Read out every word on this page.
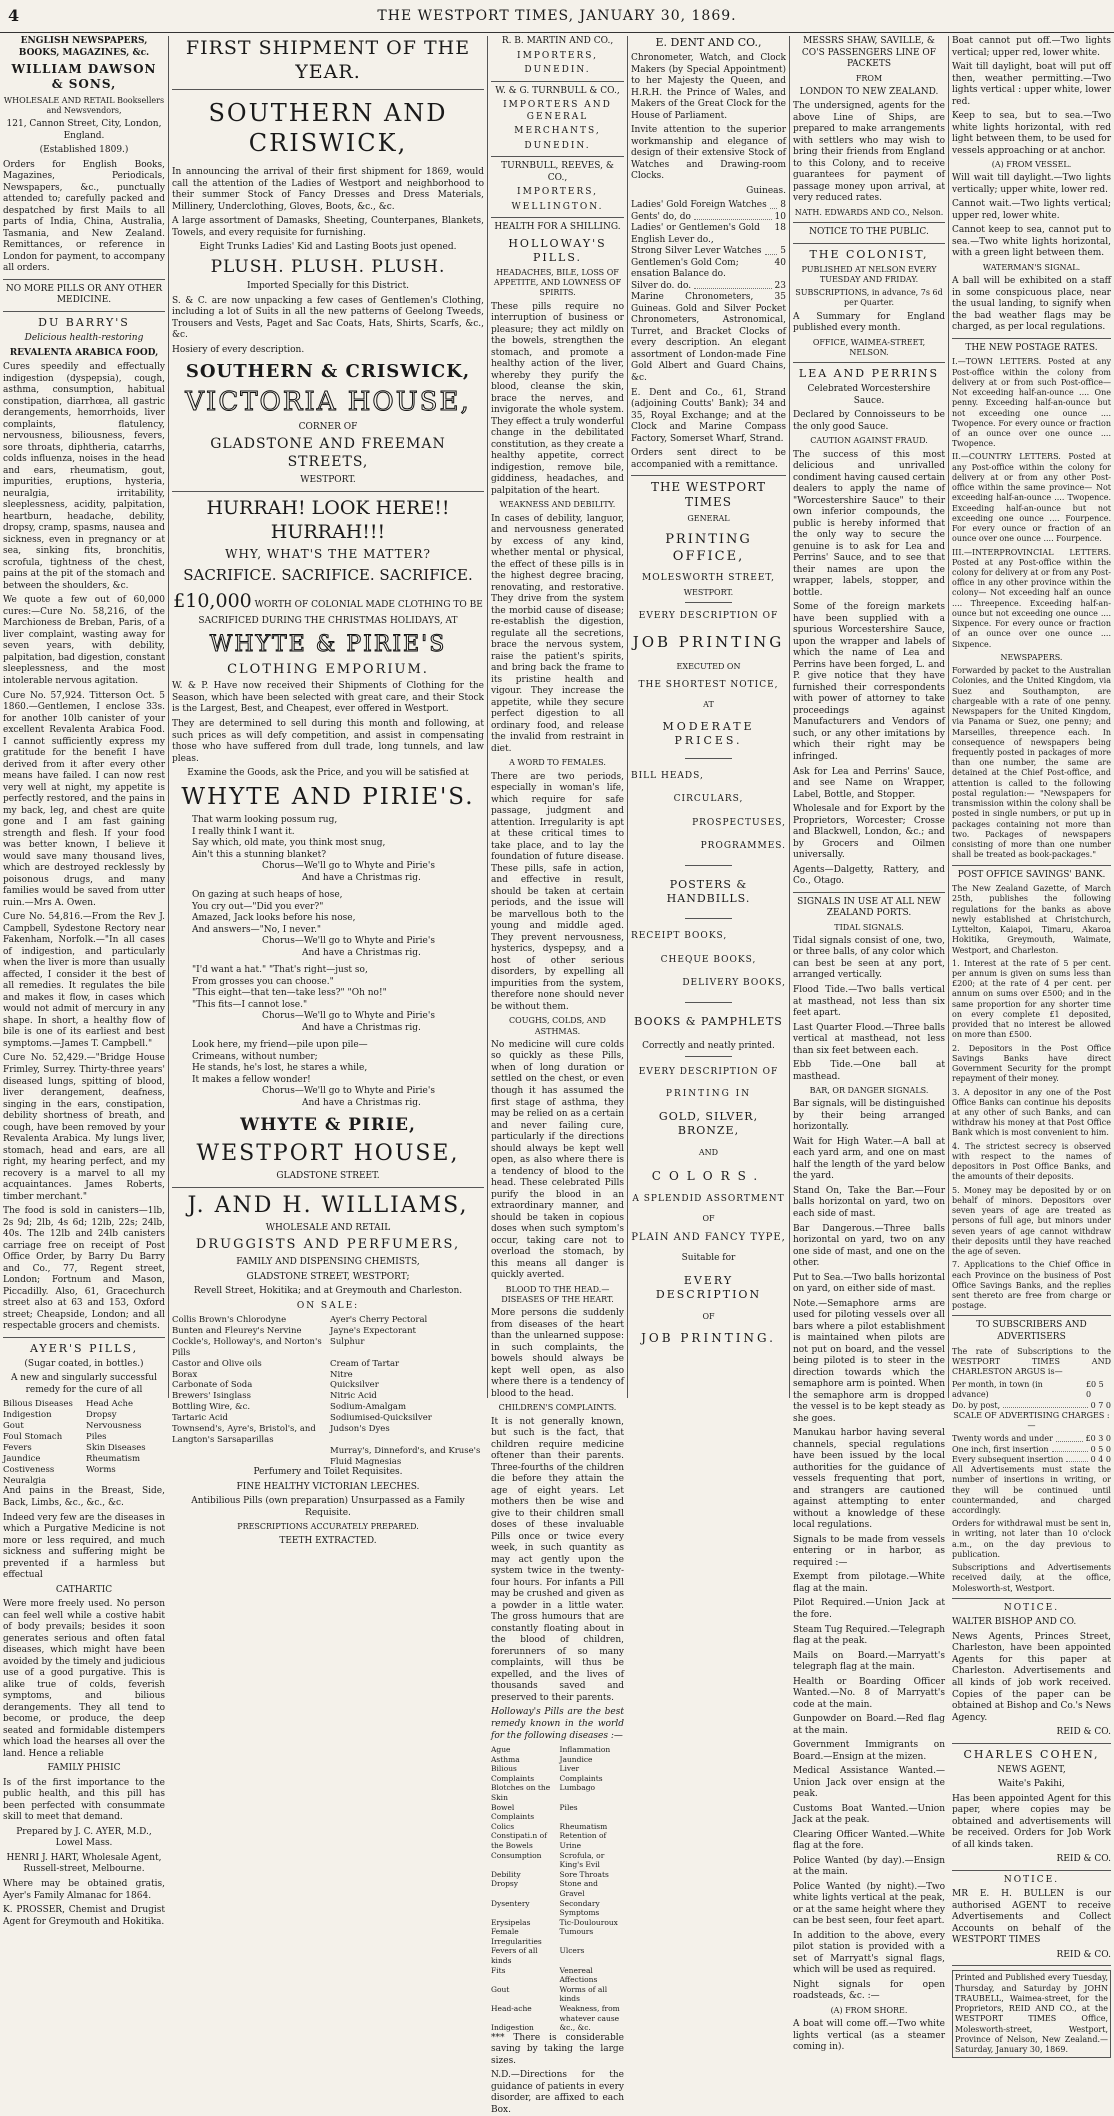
4	THE WESTPORT TIMES, JANUARY 30, 1869.

ENGLISH NEWSPAPERS, BOOKS, MAGAZINES, &c.

WILLIAM DAWSON & SONS,

WHOLESALE AND RETAIL Booksellers and Newsvendors,

121, Cannon Street, City, London, England.

(Established 1809.)

Orders for English Books, Magazines, Periodicals, Newspapers, &c., punctually attended to; carefully packed and despatched by first Mails to all parts of India, China, Australia, Tasmania, and New Zealand. Remittances, or reference in London for payment, to accompany all orders.

NO MORE PILLS OR ANY OTHER MEDICINE.

DU BARRY'S

Delicious health-restoring

REVALENTA ARABICA FOOD,

Cures speedily and effectually indigestion (dyspepsia), cough, asthma, consumption, habitual constipation, diarrhœa, all gastric derangements, hemorrhoids, liver complaints, flatulency, nervousness, biliousness, fevers, sore throats, diphtheria, catarrhs, colds influenza, noises in the head and ears, rheumatism, gout, impurities, eruptions, hysteria, neuralgia, irritability, sleeplessness, acidity, palpitation, heartburn, headache, debility, dropsy, cramp, spasms, nausea and sickness, even in pregnancy or at sea, sinking fits, bronchitis, scrofula, tightness of the chest, pains at the pit of the stomach and between the shoulders, &c.

We quote a few out of 60,000 cures:—Cure No. 58,216, of the Marchioness de Breban, Paris, of a liver complaint, wasting away for seven years, with debility, palpitation, bad digestion, constant sleeplessness, and the most intolerable nervous agitation.

Cure No. 57,924. Titterson Oct. 5 1860.—Gentlemen, I enclose 33s. for another 10lb canister of your excellent Revalenta Arabica Food. I cannot sufficiently express my gratitude for the benefit I have derived from it after every other means have failed. I can now rest very well at night, my appetite is perfectly restored, and the pains in my back, leg, and chest are quite gone and I am fast gaining strength and flesh. If your food was better known, I believe it would save many thousand lives, which are destroyed recklessly by poisonous drugs, and many families would be saved from utter ruin.—Mrs A. Owen.

Cure No. 54,816.—From the Rev J. Campbell, Sydestone Rectory near Fakenham, Norfolk.—"In all cases of indigestion, and particularly when the liver is more than usually affected, I consider it the best of all remedies. It regulates the bile and makes it flow, in cases which would not admit of mercury in any shape. In short, a healthy flow of bile is one of its earliest and best symptoms.—James T. Campbell."

Cure No. 52,429.—"Bridge House Frimley, Surrey. Thirty-three years' diseased lungs, spitting of blood, liver derangement, deafness, singing in the ears, constipation, debility shortness of breath, and cough, have been removed by your Revalenta Arabica. My lungs liver, stomach, head and ears, are all right, my hearing perfect, and my recovery is a marvel to all my acquaintances. James Roberts, timber merchant."

The food is sold in canisters—1lb, 2s 9d; 2lb, 4s 6d; 12lb, 22s; 24lb, 40s. The 12lb and 24lb canisters carriage free on receipt of Post Office Order, by Barry Du Barry and Co., 77, Regent street, London; Fortnum and Mason, Piccadilly. Also, 61, Gracechurch street also at 63 and 153, Oxford street; Cheapside, London; and all respectable grocers and chemists.

AYER'S PILLS,

(Sugar coated, in bottles.)

A new and singularly successful remedy for the cure of all

Bilious Diseases	Head Ache
Indigestion	Dropsy
Gout	Nervousness
Foul Stomach	Piles
Fevers	Skin Diseases
Jaundice	Rheumatism
Costiveness	Worms
Neuralgia

And pains in the Breast, Side, Back, Limbs, &c., &c., &c.

Indeed very few are the diseases in which a Purgative Medicine is not more or less required, and much sickness and suffering might be prevented if a harmless but effectual

CATHARTIC

Were more freely used. No person can feel well while a costive habit of body prevails; besides it soon generates serious and often fatal diseases, which might have been avoided by the timely and judicious use of a good purgative. This is alike true of colds, feverish symptoms, and bilious derangements. They all tend to become, or produce, the deep seated and formidable distempers which load the hearses all over the land. Hence a reliable

FAMILY PHISIC

Is of the first importance to the public health, and this pill has been perfected with consummate skill to meet that demand.

Prepared by J. C. AYER, M.D., Lowel Mass.

HENRI J. HART, Wholesale Agent, Russell-street, Melbourne.

Where may be obtained gratis, Ayer's Family Almanac for 1864.

K. PROSSER, Chemist and Drugist Agent for Greymouth and Hokitika.

FIRST SHIPMENT OF THE YEAR.

SOUTHERN AND CRISWICK,

In announcing the arrival of their first shipment for 1869, would call the attention of the Ladies of Westport and neighborhood to their summer Stock of Fancy Dresses and Dress Materials, Millinery, Underclothing, Gloves, Boots, &c., &c.

A large assortment of Damasks, Sheeting, Counterpanes, Blankets, Towels, and every requisite for furnishing.

Eight Trunks Ladies' Kid and Lasting Boots just opened.

PLUSH. PLUSH. PLUSH.

Imported Specially for this District.

S. & C. are now unpacking a few cases of Gentlemen's Clothing, including a lot of Suits in all the new patterns of Geelong Tweeds, Trousers and Vests, Paget and Sac Coats, Hats, Shirts, Scarfs, &c., &c.

Hosiery of every description.

SOUTHERN & CRISWICK,

VICTORIA HOUSE,

CORNER OF

GLADSTONE AND FREEMAN STREETS,

WESTPORT.

HURRAH! LOOK HERE!! HURRAH!!!

WHY, WHAT'S THE MATTER?

SACRIFICE. SACRIFICE. SACRIFICE.

£10,000 WORTH OF COLONIAL MADE CLOTHING TO BE

SACRIFICED DURING THE CHRISTMAS HOLIDAYS, AT

WHYTE & PIRIE'S

CLOTHING EMPORIUM.

W. & P. Have now received their Shipments of Clothing for the Season, which have been selected with great care, and their Stock is the Largest, Best, and Cheapest, ever offered in Westport.

They are determined to sell during this month and following, at such prices as will defy competition, and assist in compensating those who have suffered from dull trade, long tunnels, and law pleas.

Examine the Goods, ask the Price, and you will be satisfied at

WHYTE AND PIRIE'S.

That warm looking possum rug,
I really think I want it.
Say which, old mate, you think most snug,
Ain't this a stunning blanket?
Chorus—We'll go to Whyte and Pirie's
And have a Christmas rig.
On gazing at such heaps of hose,
You cry out—"Did you ever?"
Amazed, Jack looks before his nose,
And answers—"No, I never."
Chorus—We'll go to Whyte and Pirie's
And have a Christmas rig.
"I'd want a hat." "That's right—just so,
From grosses you can choose."
"This eight—that ten—take less?" "Oh no!"
"This fits—I cannot lose."
Chorus—We'll go to Whyte and Pirie's
And have a Christmas rig.
Look here, my friend—pile upon pile—
Crimeans, without number;
He stands, he's lost, he stares a while,
It makes a fellow wonder!
Chorus—We'll go to Whyte and Pirie's
And have a Christmas rig.

WHYTE & PIRIE,

WESTPORT HOUSE,

GLADSTONE STREET.

J. AND H. WILLIAMS,

WHOLESALE AND RETAIL

DRUGGISTS AND PERFUMERS,

FAMILY AND DISPENSING CHEMISTS,

GLADSTONE STREET, WESTPORT;

Revell Street, Hokitika; and at Greymouth and Charleston.

ON SALE:

Collis Brown's Chlorodyne	Ayer's Cherry Pectoral
Bunten and Fleurey's Nervine	Jayne's Expectorant
Cockle's, Holloway's, and Norton's Pills
Sulphur
Castor and Olive oils	Cream of Tartar
Borax	Nitre
Carbonate of Soda	Quicksilver
Brewers' Isinglass	Nitric Acid
Bottling Wire, &c.	Sodium-Amalgam
Tartaric Acid	Sodiumised-Quicksilver
Townsend's, Ayre's, Bristol's, and Langton's Sarsaparillas
Judson's Dyes
Murray's, Dinneford's, and Kruse's Fluid Magnesias

Perfumery and Toilet Requisites.

FINE HEALTHY VICTORIAN LEECHES.

Antibilious Pills (own preparation) Unsurpassed as a Family Requisite.

PRESCRIPTIONS ACCURATELY PREPARED.

TEETH EXTRACTED.

R. B. MARTIN AND CO.,

IMPORTERS,

DUNEDIN.

W. & G. TURNBULL & CO.,

IMPORTERS AND GENERAL

MERCHANTS,

DUNEDIN.

TURNBULL, REEVES, & CO.,

IMPORTERS,

WELLINGTON.

HEALTH FOR A SHILLING.

HOLLOWAY'S PILLS.

HEADACHES, BILE, LOSS OF APPETITE, AND LOWNESS OF SPIRITS.

These pills require no interruption of business or pleasure; they act mildly on the bowels, strengthen the stomach, and promote a healthy action of the liver, whereby they purify the blood, cleanse the skin, brace the nerves, and invigorate the whole system. They effect a truly wonderful change in the debilitated constitution, as they create a healthy appetite, correct indigestion, remove bile, giddiness, headaches, and palpitation of the heart.

WEAKNESS AND DEBILITY.

In cases of debility, languor, and nervousness generated by excess of any kind, whether mental or physical, the effect of these pills is in the highest degree bracing, renovating, and restorative. They drive from the system the morbid cause of disease; re-establish the digestion, regulate all the secretions, brace the nervous system, raise the patient's spirits, and bring back the frame to its pristine health and vigour. They increase the appetite, while they secure perfect digestion to all ordinary food, and release the invalid from restraint in diet.

A WORD TO FEMALES.

There are two periods, especially in woman's life, which require for safe passage, judgment and attention. Irregularity is apt at these critical times to take place, and to lay the foundation of future disease. These pills, safe in action, and effective in result, should be taken at certain periods, and the issue will be marvellous both to the young and middle aged. They prevent nervousness, hysterics, dyspepsy, and a host of other serious disorders, by expelling all impurities from the system, therefore none should never be without them.

COUGHS, COLDS, AND ASTHMAS.

No medicine will cure colds so quickly as these Pills, when of long duration or settled on the chest, or even though it has assumed the first stage of asthma, they may be relied on as a certain and never failing cure, particularly if the directions should always be kept well open, as also where there is a tendency of blood to the head. These celebrated Pills purify the blood in an extraordinary manner, and should be taken in copious doses when such symptom's occur, taking care not to overload the stomach, by this means all danger is quickly averted.

BLOOD TO THE HEAD.—DISEASES OF THE HEART.

More persons die suddenly from diseases of the heart than the unlearned suppose: in such complaints, the bowels should always be kept well open, as also where there is a tendency of blood to the head.

CHILDREN'S COMPLAINTS.

It is not generally known, but such is the fact, that children require medicine oftener than their parents. Three-fourths of the children die before they attain the age of eight years. Let mothers then be wise and give to their children small doses of these invaluable Pills once or twice every week, in such quantity as may act gently upon the system twice in the twenty-four hours. For infants a Pill may be crushed and given as a powder in a little water. The gross humours that are constantly floating about in the blood of children, forerunners of so many complaints, will thus be expelled, and the lives of thousands saved and preserved to their parents.

Holloway's Pills are the best remedy known in the world for the following diseases :—

Ague	Inflammation
Asthma	Jaundice
Bilious Complaints
Liver Complaints
Blotches on the Skin
Lumbago
Bowel Complaints
Piles
Colics	Rheumatism
Constipati.n of the Bowels
Retention of Urine
Consumption	Scrofula, or King's Evil
Debility	Sore Throats
Dropsy	Stone and Gravel
Dysentery	Secondary Symptoms
Erysipelas	Tic-Doulouroux
Female Irregularities
Tumours
Fevers of all kinds
Ulcers
Fits	Venereal Affections
Gout	Worms of all kinds
Head-ache	Weakness, from whatever cause
Indigestion	&c., &c.

*** There is considerable saving by taking the large sizes.

N.D.—Directions for the guidance of patients in every disorder, are affixed to each Box.

E. DENT AND CO.,

Chronometer, Watch, and Clock Makers (by Special Appointment) to her Majesty the Queen, and H.R.H. the Prince of Wales, and Makers of the Great Clock for the House of Parliament.

Invite attention to the superior workmanship and elegance of design of their extensive Stock of Watches and Drawing-room Clocks.

Guineas.

Ladies' Gold Foreign Watches 8
Gents' do, do	10
Ladies' or Gentlemen's Gold English Lever do.,
18
Strong Silver Lever Watches 5
Gentlemen's Gold Com; ensation Balance do.
40
Silver do. do.	23

Marine Chronometers, 35 Guineas. Gold and Silver Pocket Chronometers, Astronomical, Turret, and Bracket Clocks of every description. An elegant assortment of London-made Fine Gold Albert and Guard Chains, &c.

E. Dent and Co., 61, Strand (adjoining Coutts' Bank); 34 and 35, Royal Exchange; and at the Clock and Marine Compass Factory, Somerset Wharf, Strand.

Orders sent direct to be accompanied with a remittance.

THE WESTPORT TIMES

GENERAL

PRINTING OFFICE,

MOLESWORTH STREET,

WESTPORT.

EVERY DESCRIPTION OF

JOB PRINTING

EXECUTED ON

THE SHORTEST NOTICE,

AT

MODERATE PRICES.

BILL HEADS,

CIRCULARS,

PROSPECTUSES,

PROGRAMMES.

POSTERS & HANDBILLS.

RECEIPT BOOKS,

CHEQUE BOOKS,

DELIVERY BOOKS,

BOOKS & PAMPHLETS

Correctly and neatly printed.

EVERY DESCRIPTION OF

PRINTING IN

GOLD, SILVER, BRONZE,

AND

COLORS.

A SPLENDID ASSORTMENT

OF

PLAIN AND FANCY TYPE,

Suitable for

EVERY DESCRIPTION

OF

JOB PRINTING.

MESSRS SHAW, SAVILLE, & CO'S PASSENGERS LINE OF PACKETS

FROM

LONDON TO NEW ZEALAND.

The undersigned, agents for the above Line of Ships, are prepared to make arrangements with settlers who may wish to bring their friends from England to this Colony, and to receive guarantees for payment of passage money upon arrival, at very reduced rates.

NATH. EDWARDS AND CO., Nelson.

NOTICE TO THE PUBLIC.

THE COLONIST,

PUBLISHED AT NELSON EVERY TUESDAY AND FRIDAY.

SUBSCRIPTIONS, in advance, 7s 6d per Quarter.

A Summary for England published every month.

OFFICE, WAIMEA-STREET, NELSON.

LEA AND PERRINS

Celebrated Worcestershire Sauce.

Declared by Connoisseurs to be the only good Sauce.

CAUTION AGAINST FRAUD.

The success of this most delicious and unrivalled condiment having caused certain dealers to apply the name of "Worcestershire Sauce" to their own inferior compounds, the public is hereby informed that the only way to secure the genuine is to ask for Lea and Perrins' Sauce, and to see that their names are upon the wrapper, labels, stopper, and bottle.

Some of the foreign markets have been supplied with a spurious Worcestershire Sauce, upon the wrapper and labels of which the name of Lea and Perrins have been forged, L. and P. give notice that they have furnished their correspondents with power of attorney to take proceedings against Manufacturers and Vendors of such, or any other imitations by which their right may be infringed.

Ask for Lea and Perrins' Sauce, and see Name on Wrapper, Label, Bottle, and Stopper.

Wholesale and for Export by the Proprietors, Worcester; Crosse and Blackwell, London, &c.; and by Grocers and Oilmen universally.

Agents—Dalgetty, Rattery, and Co., Otago.

SIGNALS IN USE AT ALL NEW ZEALAND PORTS.

TIDAL SIGNALS.

Tidal signals consist of one, two, or three balls, of any color which can best be seen at any port, arranged vertically.

Flood Tide.—Two balls vertical at masthead, not less than six feet apart.

Last Quarter Flood.—Three balls vertical at masthead, not less than six feet between each.

Ebb Tide.—One ball at masthead.

BAR, OR DANGER SIGNALS.

Bar signals, will be distinguished by their being arranged horizontally.

Wait for High Water.—A ball at each yard arm, and one on mast half the length of the yard below the yard.

Stand On, Take the Bar.—Four balls horizontal on yard, two on each side of mast.

Bar Dangerous.—Three balls horizontal on yard, two on any one side of mast, and one on the other.

Put to Sea.—Two balls horizontal on yard, on either side of mast.

Note.—Semaphore arms are used for piloting vessels over all bars where a pilot establishment is maintained when pilots are not put on board, and the vessel being piloted is to steer in the direction towards which the semaphore arm is pointed. When the semaphore arm is dropped the vessel is to be kept steady as she goes.

Manukau harbor having several channels, special regulations have been issued by the local authorities for the guidance of vessels frequenting that port, and strangers are cautioned against attempting to enter without a knowledge of these local regulations.

Signals to be made from vessels entering or in harbor, as required :—

Exempt from pilotage.—White flag at the main.

Pilot Required.—Union Jack at the fore.

Steam Tug Required.—Telegraph flag at the peak.

Mails on Board.—Marryatt's telegraph flag at the main.

Health or Boarding Officer Wanted.—No. 8 of Marryatt's code at the main.

Gunpowder on Board.—Red flag at the main.

Government Immigrants on Board.—Ensign at the mizen.

Medical Assistance Wanted.—Union Jack over ensign at the peak.

Customs Boat Wanted.—Union Jack at the peak.

Clearing Officer Wanted.—White flag at the fore.

Police Wanted (by day).—Ensign at the main.

Police Wanted (by night).—Two white lights vertical at the peak, or at the same height where they can be best seen, four feet apart.

In addition to the above, every pilot station is provided with a set of Marryatt's signal flags, which will be used as required.

Night signals for open roadsteads, &c. :—

(A) FROM SHORE.

A boat will come off.—Two white lights vertical (as a steamer coming in).

Boat cannot put off.—Two lights vertical; upper red, lower white.

Wait till daylight, boat will put off then, weather permitting.—Two lights vertical : upper white, lower red.

Keep to sea, but to sea.—Two white lights horizontal, with red light between them, to be used for vessels approaching or at anchor.

(A) FROM VESSEL.

Will wait till daylight.—Two lights vertically; upper white, lower red.

Cannot wait.—Two lights vertical; upper red, lower white.

Cannot keep to sea, cannot put to sea.—Two white lights horizontal, with a green light between them.

WATERMAN'S SIGNAL.

A ball will be exhibited on a staff in some conspicuous place, near the usual landing, to signify when the bad weather flags may be charged, as per local regulations.

THE NEW POSTAGE RATES.

I.—TOWN LETTERS. Posted at any Post-office within the colony from delivery at or from such Post-office— Not exceeding half-an-ounce .... One penny. Exceeding half-an-ounce but not exceeding one ounce .... Twopence. For every ounce or fraction of an ounce over one ounce .... Twopence.

II.—COUNTRY LETTERS. Posted at any Post-office within the colony for delivery at or from any other Post-office within the same province— Not exceeding half-an-ounce .... Twopence. Exceeding half-an-ounce but not exceeding one ounce .... Fourpence. For every ounce or fraction of an ounce over one ounce .... Fourpence.

III.—INTERPROVINCIAL LETTERS. Posted at any Post-office within the colony for delivery at or from any Post-office in any other province within the colony— Not exceeding half an ounce .... Threepence. Exceeding half-an-ounce but not exceeding one ounce .... Sixpence. For every ounce or fraction of an ounce over one ounce .... Sixpence.

NEWSPAPERS.

Forwarded by packet to the Australian Colonies, and the United Kingdom, via Suez and Southampton, are chargeable with a rate of one penny. Newspapers for the United Kingdom, via Panama or Suez, one penny; and Marseilles, threepence each. In consequence of newspapers being frequently posted in packages of more than one number, the same are detained at the Chief Post-office, and attention is called to the following postal regulation:— "Newspapers for transmission within the colony shall be posted in single numbers, or put up in packages containing not more than two. Packages of newspapers consisting of more than one number shall be treated as book-packages."

POST OFFICE SAVINGS' BANK.

The New Zealand Gazette, of March 25th, publishes the following regulations for the banks as above newly established at Christchurch, Lyttelton, Kaiapoi, Timaru, Akaroa Hokitika, Greymouth, Waimate, Westport, and Charleston.

1. Interest at the rate of 5 per cent. per annum is given on sums less than £200; at the rate of 4 per cent. per annum on sums over £500; and in the same proportion for any shorter time on every complete £1 deposited, provided that no interest be allowed on more than £500.

2. Depositors in the Post Office Savings Banks have direct Government Security for the prompt repayment of their money.

3. A depositor in any one of the Post Office Banks can continue his deposits at any other of such Banks, and can withdraw his money at that Post Office Bank which is most convenient to him.

4. The strictest secrecy is observed with respect to the names of depositors in Post Office Banks, and the amounts of their deposits.

5. Money may be deposited by or on behalf of minors. Depositors over seven years of age are treated as persons of full age, but minors under seven years of age cannot withdraw their deposits until they have reached the age of seven.

7. Applications to the Chief Office in each Province on the business of Post Office Savings Banks, and the replies sent thereto are free from charge or postage.

TO SUBSCRIBERS AND ADVERTISERS

The rate of Subscriptions to the WESTPORT TIMES AND CHARLESTON ARGUS is—

Per month, in town (in advance)
£0 5 0
Do. by post,	0 7 0

SCALE OF ADVERTISING CHARGES :—

Twenty words and under	£0 3 0
One inch, first insertion	0 5 0
Every subsequent insertion	0 4 0

All Advertisements must state the number of insertions in writing, or they will be continued until countermanded, and charged accordingly.

Orders for withdrawal must be sent in, in writing, not later than 10 o'clock a.m., on the day previous to publication.

Subscriptions and Advertisements received daily, at the office, Molesworth-st, Westport.

NOTICE.

WALTER BISHOP AND CO.

News Agents, Princes Street, Charleston, have been appointed Agents for this paper at Charleston. Advertisements and all kinds of job work received. Copies of the paper can be obtained at Bishop and Co.'s News Agency.

REID & CO.

CHARLES COHEN,

NEWS AGENT,

Waite's Pakihi,

Has been appointed Agent for this paper, where copies may be obtained and advertisements will be received. Orders for Job Work of all kinds taken.

REID & CO.

NOTICE.

MR E. H. BULLEN is our authorised AGENT to receive Advertisements and Collect Accounts on behalf of the WESTPORT TIMES

REID & CO.

Printed and Published every Tuesday, Thursday, and Saturday by JOHN TRAUBELL, Waimea-street, for the Proprietors, REID AND CO., at the WESTPORT TIMES Office, Molesworth-street, Westport, Province of Nelson, New Zealand.—Saturday, January 30, 1869.
